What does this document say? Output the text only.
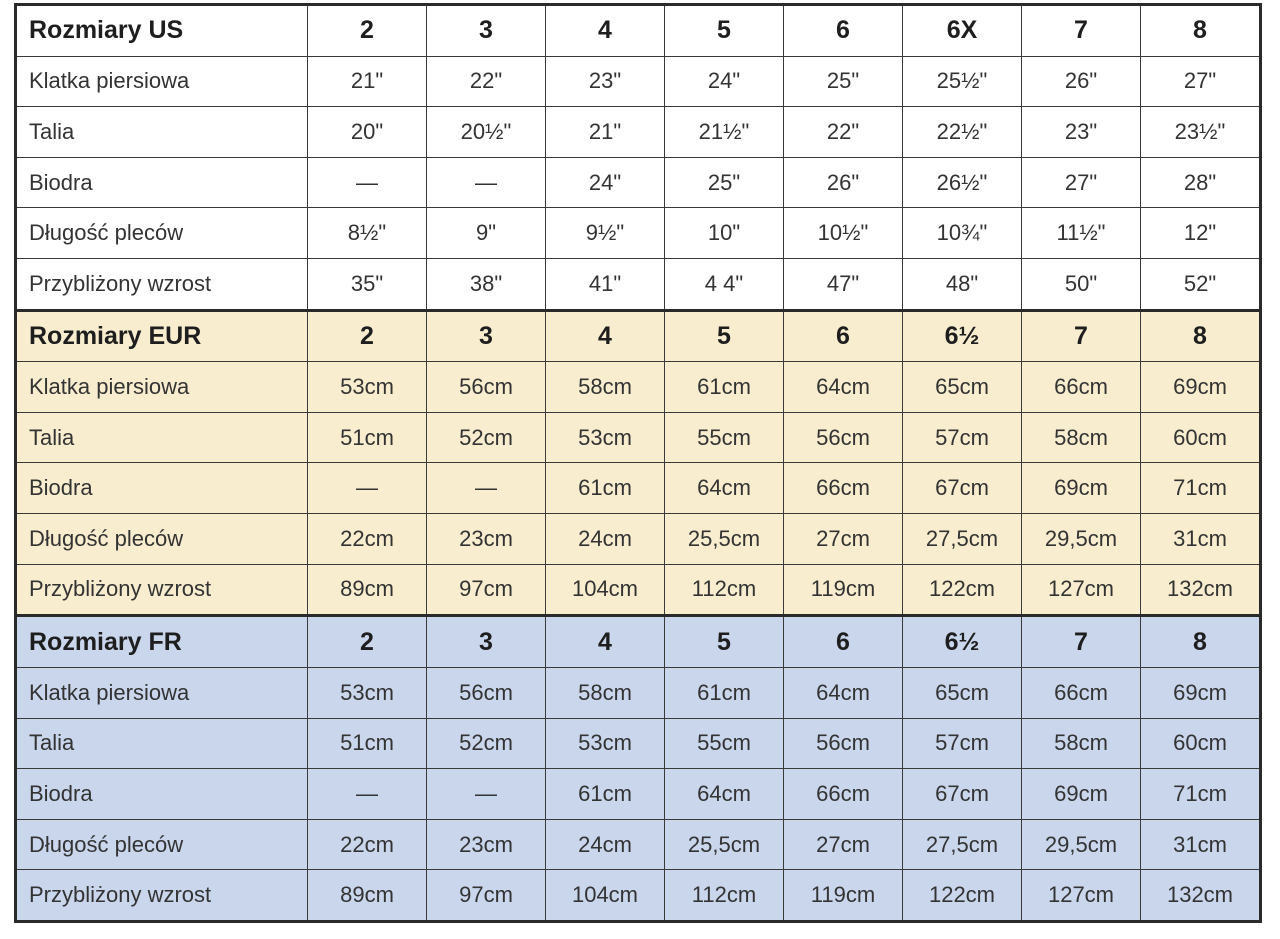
Rozmiary US	2	3	4	5	6	6X	7	8
Klatka piersiowa	21"	22"	23"	24"	25"	25½"	26"	27"
Talia	20"	20½"	21"	21½"	22"	22½"	23"	23½"
Biodra	—	—	24"	25"	26"	26½"	27"	28"
Długość pleców	8½"	9"	9½"	10"	10½"	10¾"	11½"	12"
Przybliżony wzrost	35"	38"	41"	4 4"	47"	48"	50"	52"
Rozmiary EUR	2	3	4	5	6	6½	7	8
Klatka piersiowa	53cm	56cm	58cm	61cm	64cm	65cm	66cm	69cm
Talia	51cm	52cm	53cm	55cm	56cm	57cm	58cm	60cm
Biodra	—	—	61cm	64cm	66cm	67cm	69cm	71cm
Długość pleców	22cm	23cm	24cm	25,5cm	27cm	27,5cm	29,5cm	31cm
Przybliżony wzrost	89cm	97cm	104cm	112cm	119cm	122cm	127cm	132cm
Rozmiary FR	2	3	4	5	6	6½	7	8
Klatka piersiowa	53cm	56cm	58cm	61cm	64cm	65cm	66cm	69cm
Talia	51cm	52cm	53cm	55cm	56cm	57cm	58cm	60cm
Biodra	—	—	61cm	64cm	66cm	67cm	69cm	71cm
Długość pleców	22cm	23cm	24cm	25,5cm	27cm	27,5cm	29,5cm	31cm
Przybliżony wzrost	89cm	97cm	104cm	112cm	119cm	122cm	127cm	132cm
